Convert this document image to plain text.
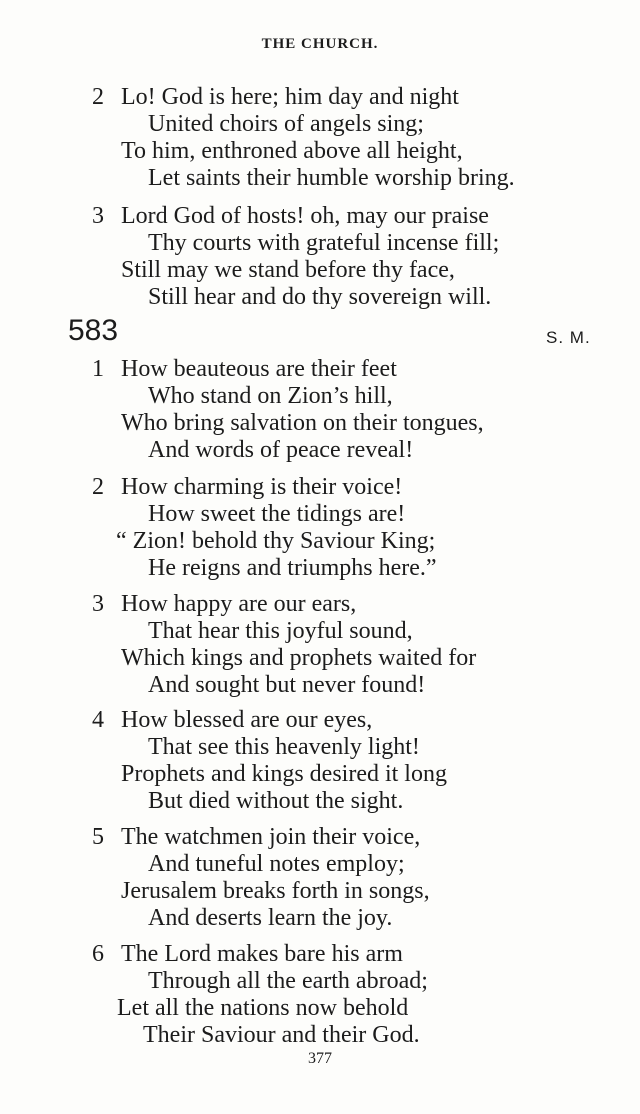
THE CHURCH.
2 Lo! God is here; him day and night
United choirs of angels sing;
To him, enthroned above all height,
Let saints their humble worship bring.
3 Lord God of hosts! oh, may our praise
Thy courts with grateful incense fill;
Still may we stand before thy face,
Still hear and do thy sovereign will.
583	S. M.
1 How beauteous are their feet
Who stand on Zion’s hill,
Who bring salvation on their tongues,
And words of peace reveal!
2 How charming is their voice!
How sweet the tidings are!
“ Zion! behold thy Saviour King;
He reigns and triumphs here.”
3 How happy are our ears,
That hear this joyful sound,
Which kings and prophets waited for
And sought but never found!
4 How blessed are our eyes,
That see this heavenly light!
Prophets and kings desired it long
But died without the sight.
5 The watchmen join their voice,
And tuneful notes employ;
Jerusalem breaks forth in songs,
And deserts learn the joy.
6 The Lord makes bare his arm
Through all the earth abroad;
Let all the nations now behold
Their Saviour and their God.
377
